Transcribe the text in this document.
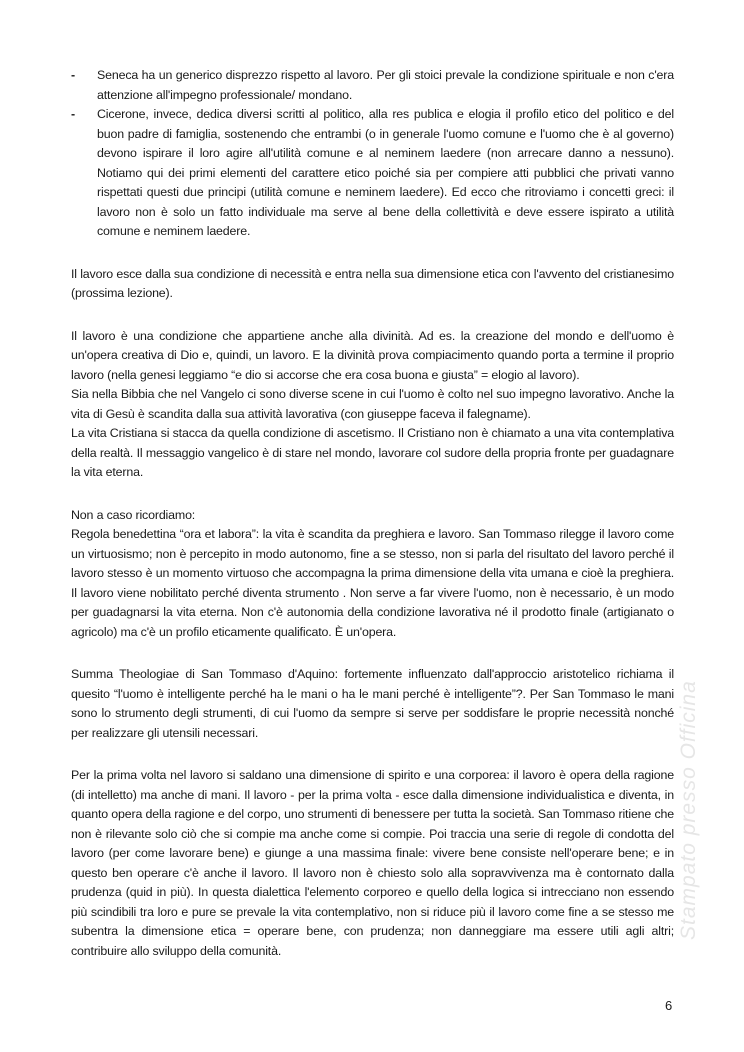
- Seneca ha un generico disprezzo rispetto al lavoro. Per gli stoici prevale la condizione spirituale e non c'era attenzione all'impegno professionale/ mondano.
- Cicerone, invece, dedica diversi scritti al politico, alla res publica e elogia il profilo etico del politico e del buon padre di famiglia, sostenendo che entrambi (o in generale l'uomo comune e l'uomo che è al governo) devono ispirare il loro agire all'utilità comune e al neminem laedere (non arrecare danno a nessuno). Notiamo qui dei primi elementi del carattere etico poiché sia per compiere atti pubblici che privati vanno rispettati questi due principi (utilità comune e neminem laedere). Ed ecco che ritroviamo i concetti greci: il lavoro non è solo un fatto individuale ma serve al bene della collettività e deve essere ispirato a utilità comune e neminem laedere.

Il lavoro esce dalla sua condizione di necessità e entra nella sua dimensione etica con l'avvento del cristianesimo (prossima lezione).

Il lavoro è una condizione che appartiene anche alla divinità. Ad es. la creazione del mondo e dell'uomo è un'opera creativa di Dio e, quindi, un lavoro. E la divinità prova compiacimento quando porta a termine il proprio lavoro (nella genesi leggiamo “e dio si accorse che era cosa buona e giusta” = elogio al lavoro).

Sia nella Bibbia che nel Vangelo ci sono diverse scene in cui l'uomo è colto nel suo impegno lavorativo. Anche la vita di Gesù è scandita dalla sua attività lavorativa (con giuseppe faceva il falegname).

La vita Cristiana si stacca da quella condizione di ascetismo. Il Cristiano non è chiamato a una vita contemplativa della realtà. Il messaggio vangelico è di stare nel mondo, lavorare col sudore della propria fronte per guadagnare la vita eterna.

Non a caso ricordiamo:

Regola benedettina “ora et labora”: la vita è scandita da preghiera e lavoro. San Tommaso rilegge il lavoro come un virtuosismo; non è percepito in modo autonomo, fine a se stesso, non si parla del risultato del lavoro perché il lavoro stesso è un momento virtuoso che accompagna la prima dimensione della vita umana e cioè la preghiera. Il lavoro viene nobilitato perché diventa strumento . Non serve a far vivere l'uomo, non è necessario, è un modo per guadagnarsi la vita eterna. Non c'è autonomia della condizione lavorativa né il prodotto finale (artigianato o agricolo) ma c'è un profilo eticamente qualificato. È un'opera.

Summa Theologiae di San Tommaso d'Aquino: fortemente influenzato dall'approccio aristotelico richiama il quesito “l'uomo è intelligente perché ha le mani o ha le mani perché è intelligente”?. Per San Tommaso le mani sono lo strumento degli strumenti, di cui l'uomo da sempre si serve per soddisfare le proprie necessità nonché per realizzare gli utensili necessari.

Per la prima volta nel lavoro si saldano una dimensione di spirito e una corporea: il lavoro è opera della ragione (di intelletto) ma anche di mani. Il lavoro - per la prima volta - esce dalla dimensione individualistica e diventa, in quanto opera della ragione e del corpo, uno strumenti di benessere per tutta la società. San Tommaso ritiene che non è rilevante solo ciò che si compie ma anche come si compie. Poi traccia una serie di regole di condotta del lavoro (per come lavorare bene) e giunge a una massima finale: vivere bene consiste nell'operare bene; e in questo ben operare c'è anche il lavoro. Il lavoro non è chiesto solo alla sopravvivenza ma è contornato dalla prudenza (quid in più). In questa dialettica l'elemento corporeo e quello della logica si intrecciano non essendo più scindibili tra loro e pure se prevale la vita contemplativo, non si riduce più il lavoro come fine a se stesso me subentra la dimensione etica = operare bene, con prudenza; non danneggiare ma essere utili agli altri; contribuire allo sviluppo della comunità.

Stampato presso Officina
6
